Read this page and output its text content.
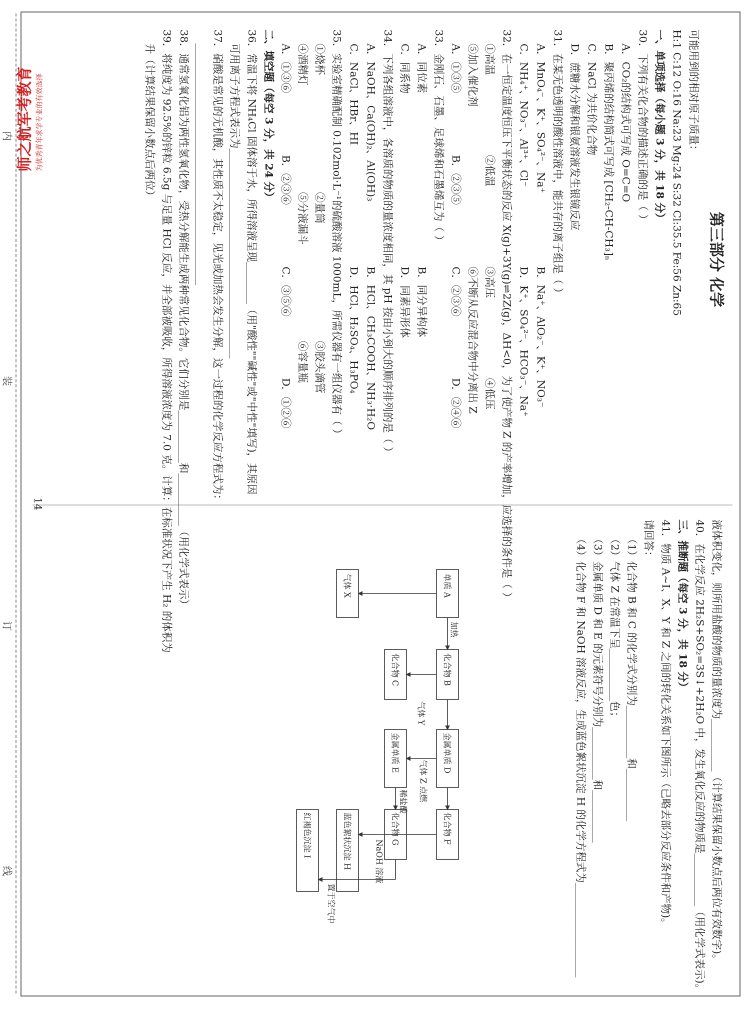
第三部分 化学
可能用到的相对原子质量：
H:1 C:12 O:16 Na:23 Mg:24 S:32 Cl:35.5 Fe:56 Zn:65
一、单项选择（每小题 3 分，共 18 分）
30．下列有关化合物的描述正确的是（ ）
A．CO₂的结构式可写成 O=C=O
B．聚丙烯的结构简式可写成 [CH₂-CH-CH₃]ₙ
C．NaCl 为共价化合物
D．蔗糖水分解和银氨溶液发生银镜反应
31．在某无色透明的酸性溶液中，能共存的离子组是（ ）
A．MnO₄⁻、K⁺、SO₄²⁻、Na⁺
B．Na⁺、AlO₂⁻、K⁺、NO₃⁻
C．NH₄⁺、NO₃⁻、Al³⁺、Cl⁻
D．K⁺、SO₄²⁻、HCO₃⁻、Na⁺
32．在一恒定温度恒压下平衡状态的反应 X(g)+3Y(g)⇌2Z(g)，ΔH<0，为了使产物 Z 的产率增加，应选择的条件是（ ）
①高温
②低温
③高压
④低压
⑤加入催化剂
⑥不断从反应混合物中分离出 Z
A．①③⑤
B．②③⑤
C．②③⑥
D．②④⑥
33．金刚石、石墨、足球烯和石墨烯互为（ ）
A．同位素
B．同分异构体
C．同系物
D．同素异形体
34．下列各组溶液中，各溶质的物质的量浓度相同，其 pH 按由小到大的顺序排列的是（ ）
A．NaOH、Ca(OH)₂、Al(OH)₃
B．HCl、CH₃COOH、NH₃·H₂O
C．NaCl、HBr、HI
D．HCl、H₂SO₄、H₃PO₄
35．实验室精确配制 0.102mol·L⁻¹的硫酸溶液 1000mL，所需仪器有一组仪器有（ ）
①烧杯
②量筒
③胶头滴管
④酒精灯
⑤分液漏斗
⑥容量瓶
A．①③⑥
B．②③⑥
C．③⑤⑥
D．①②⑥
二、填空题（每空 3 分，共 24 分）
36．常温下将 NH₄Cl 固体溶于水，所得溶液呈现________（用"酸性""碱性"或"中性"填写)，其原因
可用离子方程式表示为________________________________________
37．硝酸是常见的无机酸，其性质不太稳定，见光或加热会发生分解，这一过程的化学反应方程式为：
______________________________________________
38．通常氢氧化铝为两性氢氧化物，受热分解能生成两种常见化合物。它们分别是__________和__________（用化学式表示）
39．将纯度为 92.5%的锌粒 6.5g 与足量 HCl 反应，并全部被吸收，所得溶液浓度为 7.0 克。计算：在标准状况下产生 H₂ 的体积为
升（计算结果保留小数点后两位）
液体积变化，则所用盐酸的物质的量浓度为__________（计算结果保留小数点后两位有效数字)。
40．在化学反应 2H₂S+SO₂=3S↓+2H₂O 中，发生氧化反应的物质是__________（用化学式表示)。
三、推断题（每空 3 分，共 18 分）
41．物质 A~I、X、Y 和 Z 之间的转化关系如下图所示（已略去部分反应条件和产物)。
请回答：
（1）化合物 B 和 C 的化学式分别为__________和__________
（2）气体 Z 在常温下呈__________色；
（3）金属单质 D 和 E 的元素符号分别为__________和__________
（4）化合物 F 和 NaOH 溶液反应，生成蓝色絮状沉淀 H 的化学方程式为__________________
单质 A
化合物 B
化合物 C
金属单质 D
金属单质 E
化合物 F
化合物 G
蓝色絮状沉淀 H
红褐色沉淀 I
气体 X
气体 Y
加热
气体 Z 点燃
NaOH 溶液
稀盐酸
置于空气中
14
内
装
订
线
师之航军考教育 为优秀青年求学专业的有效选择
